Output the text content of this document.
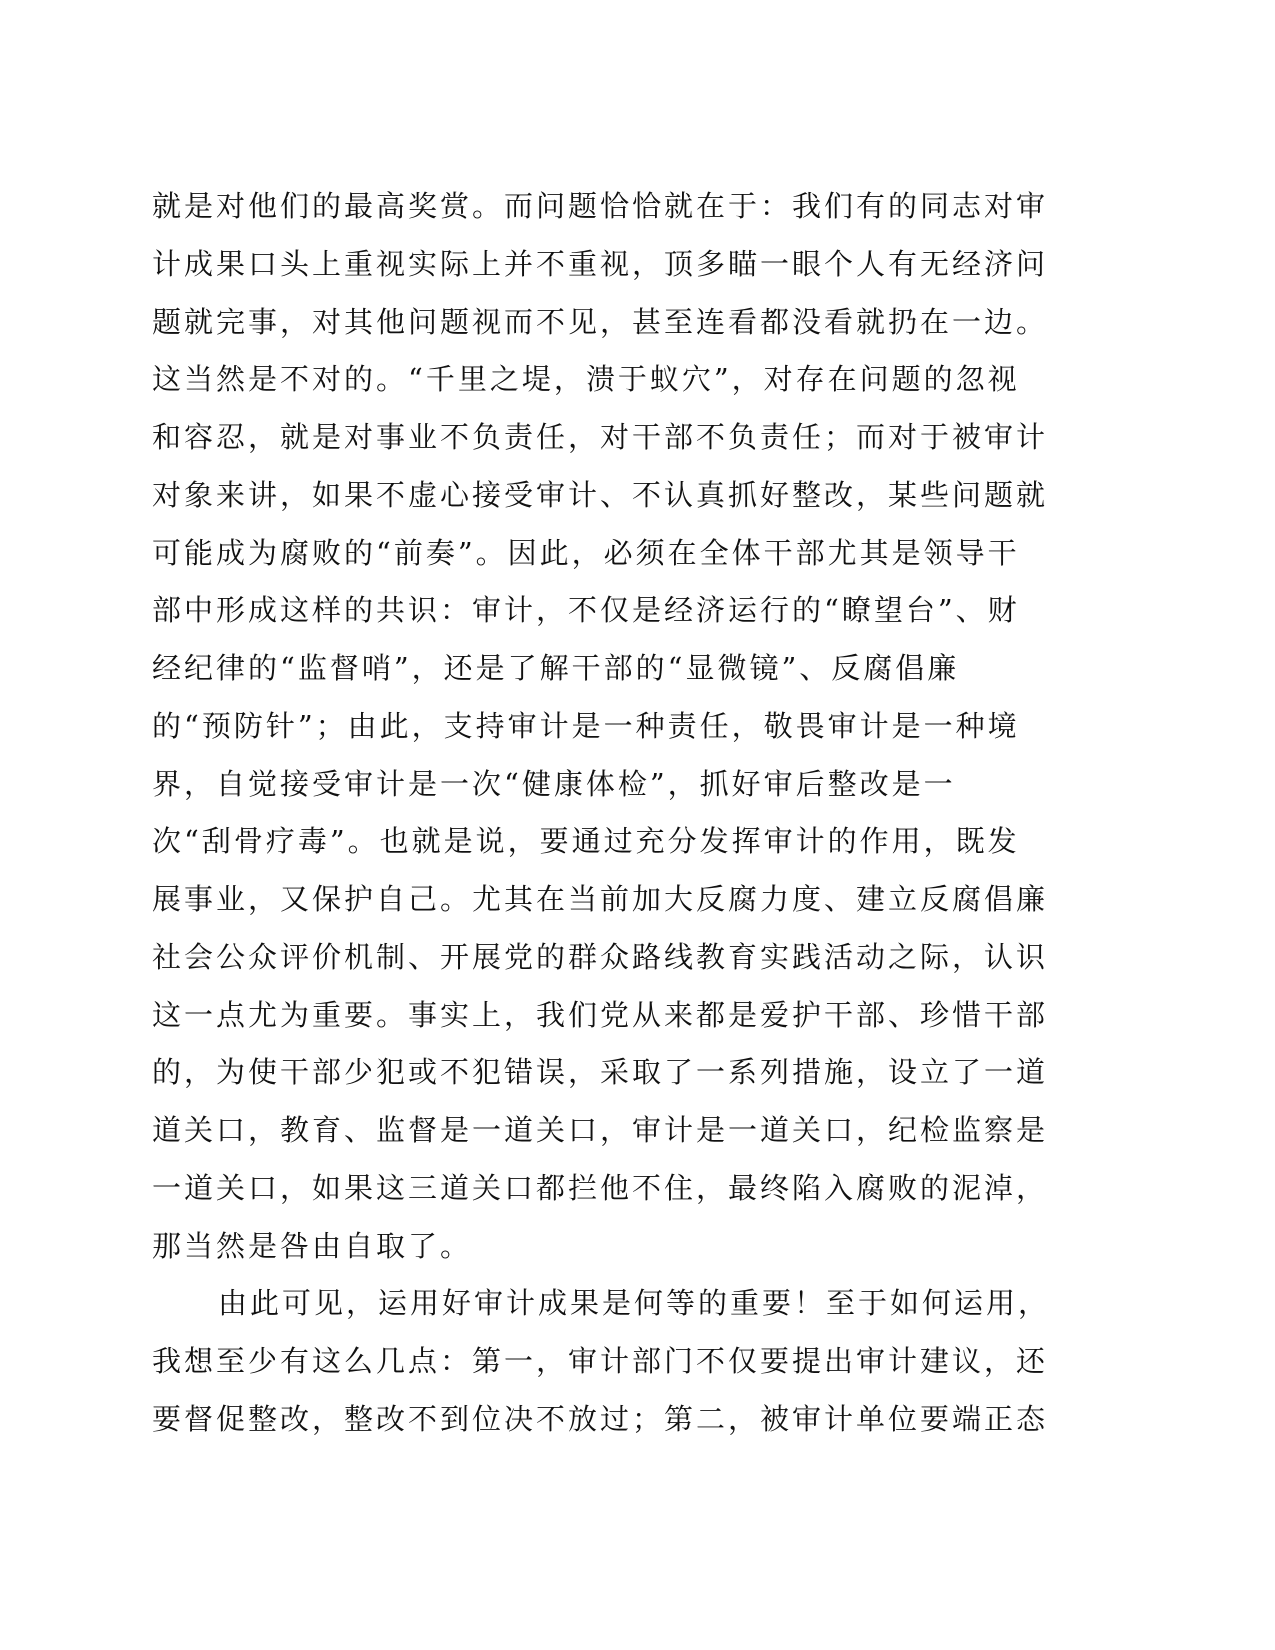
就是对他们的最高奖赏。而问题恰恰就在于：我们有的同志对审
计成果口头上重视实际上并不重视，顶多瞄一眼个人有无经济问
题就完事，对其他问题视而不见，甚至连看都没看就扔在一边。
这当然是不对的。“千里之堤，溃于蚁穴”，对存在问题的忽视
和容忍，就是对事业不负责任，对干部不负责任；而对于被审计
对象来讲，如果不虚心接受审计、不认真抓好整改，某些问题就
可能成为腐败的“前奏”。因此，必须在全体干部尤其是领导干
部中形成这样的共识：审计，不仅是经济运行的“瞭望台”、财
经纪律的“监督哨”，还是了解干部的“显微镜”、反腐倡廉
的“预防针”；由此，支持审计是一种责任，敬畏审计是一种境
界，自觉接受审计是一次“健康体检”，抓好审后整改是一
次“刮骨疗毒”。也就是说，要通过充分发挥审计的作用，既发
展事业，又保护自己。尤其在当前加大反腐力度、建立反腐倡廉
社会公众评价机制、开展党的群众路线教育实践活动之际，认识
这一点尤为重要。事实上，我们党从来都是爱护干部、珍惜干部
的，为使干部少犯或不犯错误，采取了一系列措施，设立了一道
道关口，教育、监督是一道关口，审计是一道关口，纪检监察是
一道关口，如果这三道关口都拦他不住，最终陷入腐败的泥淖，
那当然是咎由自取了。
由此可见，运用好审计成果是何等的重要！至于如何运用，
我想至少有这么几点：第一，审计部门不仅要提出审计建议，还
要督促整改，整改不到位决不放过；第二，被审计单位要端正态
